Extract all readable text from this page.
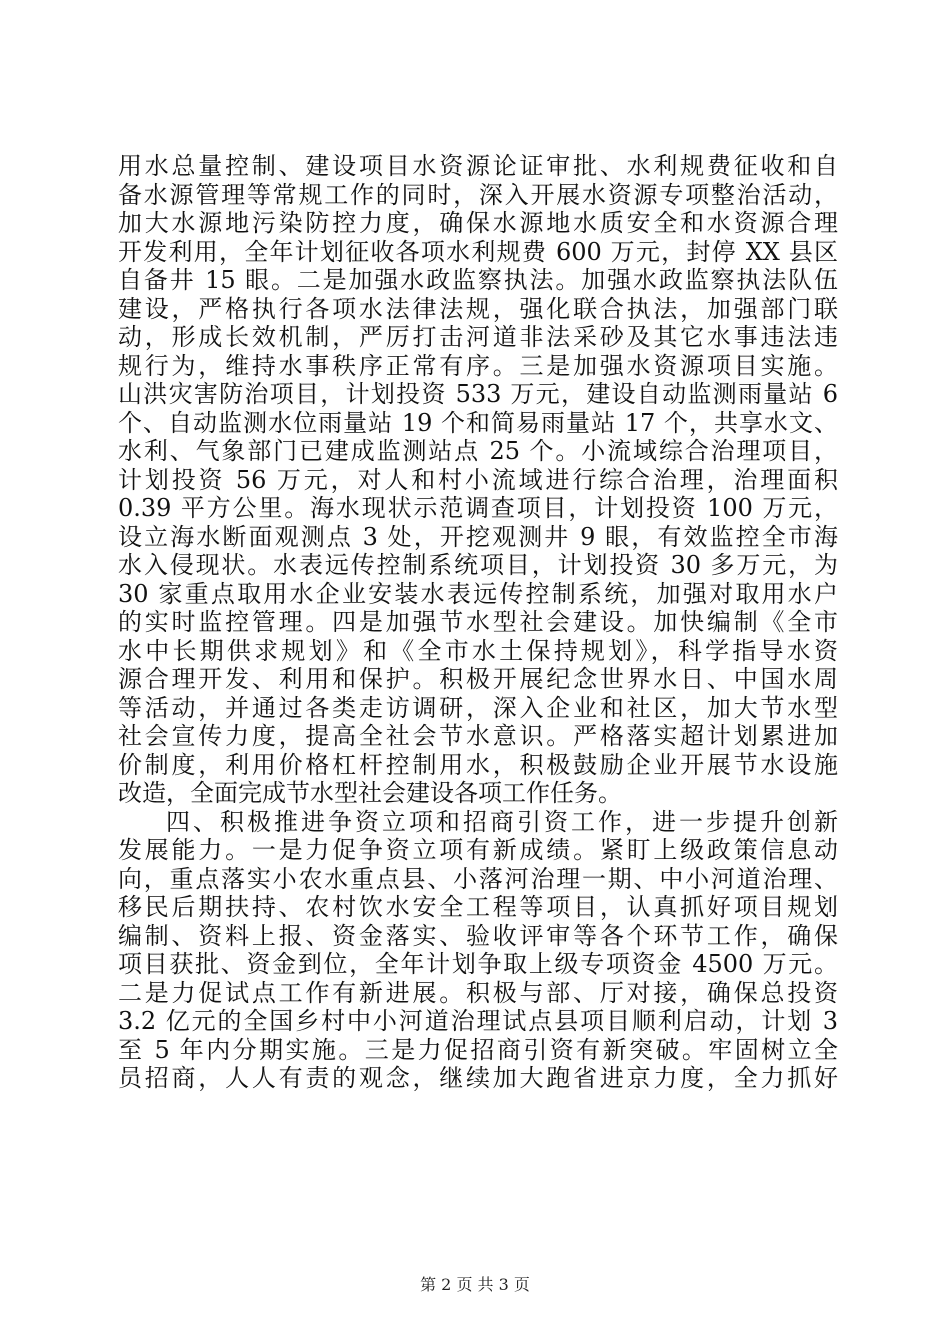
用水总量控制、建设项目水资源论证审批、水利规费征收和自
备水源管理等常规工作的同时，深入开展水资源专项整治活动，
加大水源地污染防控力度，确保水源地水质安全和水资源合理
开发利用，全年计划征收各项水利规费 600 万元，封停 XX 县区
自备井 15 眼。二是加强水政监察执法。加强水政监察执法队伍
建设，严格执行各项水法律法规，强化联合执法，加强部门联
动，形成长效机制，严厉打击河道非法采砂及其它水事违法违
规行为，维持水事秩序正常有序。三是加强水资源项目实施。
山洪灾害防治项目，计划投资 533 万元，建设自动监测雨量站 6
个、自动监测水位雨量站 19 个和简易雨量站 17 个，共享水文、
水利、气象部门已建成监测站点 25 个。小流域综合治理项目，
计划投资 56 万元，对人和村小流域进行综合治理，治理面积
0.39 平方公里。海水现状示范调查项目，计划投资 100 万元，
设立海水断面观测点 3 处，开挖观测井 9 眼，有效监控全市海
水入侵现状。水表远传控制系统项目，计划投资 30 多万元，为
30 家重点取用水企业安装水表远传控制系统，加强对取用水户
的实时监控管理。四是加强节水型社会建设。加快编制《全市
水中长期供求规划》和《全市水土保持规划》，科学指导水资
源合理开发、利用和保护。积极开展纪念世界水日、中国水周
等活动，并通过各类走访调研，深入企业和社区，加大节水型
社会宣传力度，提高全社会节水意识。严格落实超计划累进加
价制度，利用价格杠杆控制用水，积极鼓励企业开展节水设施
改造，全面完成节水型社会建设各项工作任务。
四、积极推进争资立项和招商引资工作，进一步提升创新
发展能力。一是力促争资立项有新成绩。紧盯上级政策信息动
向，重点落实小农水重点县、小落河治理一期、中小河道治理、
移民后期扶持、农村饮水安全工程等项目，认真抓好项目规划
编制、资料上报、资金落实、验收评审等各个环节工作，确保
项目获批、资金到位，全年计划争取上级专项资金 4500 万元。
二是力促试点工作有新进展。积极与部、厅对接，确保总投资
3.2 亿元的全国乡村中小河道治理试点县项目顺利启动，计划 3
至 5 年内分期实施。三是力促招商引资有新突破。牢固树立全
员招商，人人有责的观念，继续加大跑省进京力度，全力抓好
第 2 页 共 3 页
